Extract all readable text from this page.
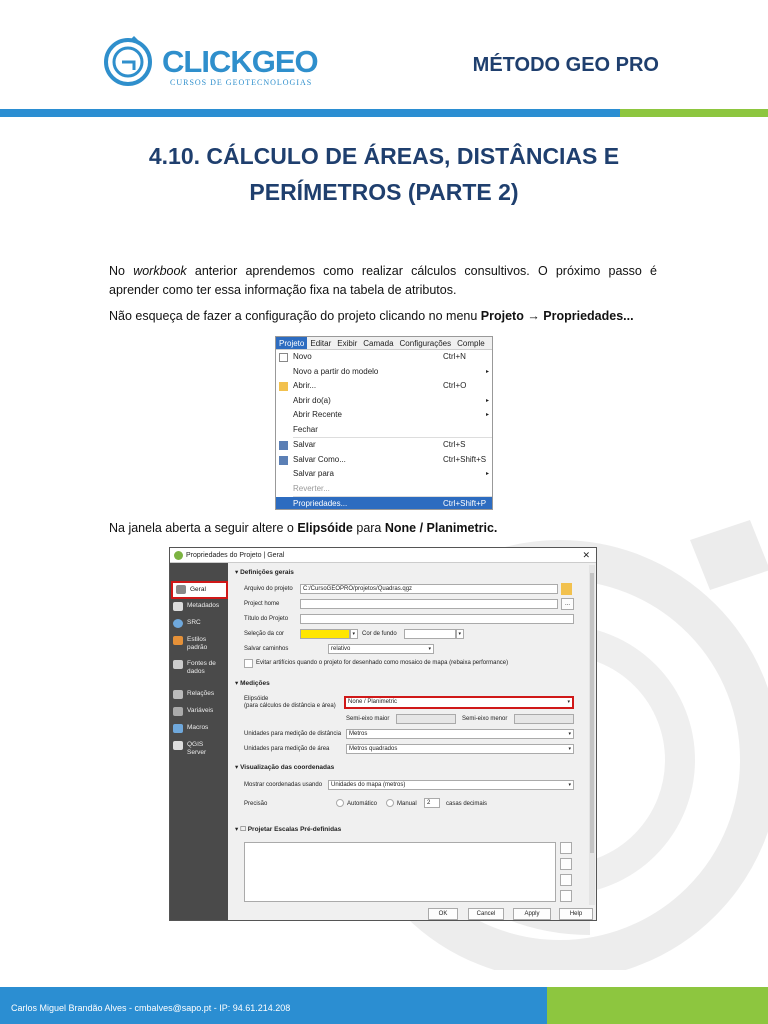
CLICKGEO
CURSOS DE GEOTECNOLOGIAS
MÉTODO GEO PRO
4.10. CÁLCULO DE ÁREAS, DISTÂNCIAS E
PERÍMETROS (PARTE 2)
No workbook anterior aprendemos como realizar cálculos consultivos. O próximo passo é aprender como ter essa informação fixa na tabela de atributos.
Não esqueça de fazer a configuração do projeto clicando no menu Projeto → Propriedades...
Projeto Editar Exibir Camada Configurações Comple
Novo	Ctrl+N
Novo a partir do modelo	▸
Abrir...	Ctrl+O
Abrir do(a)	▸
Abrir Recente	▸
Fechar
Salvar	Ctrl+S
Salvar Como...	Ctrl+Shift+S
Salvar para	▸
Reverter...
Propriedades...	Ctrl+Shift+P
Na janela aberta a seguir altere o Elipsóide para None / Planimetric.
Propriedades do Projeto | Geral	✕
Geral
Metadados
SRC
Estilos
padrão
Fontes de
dados
Relações
Variáveis
Macros
QGIS
Server
▾ Definições gerais
Arquivo do projeto	C:/CursoGEOPRO/projetos/Quadras.qgz
Project home	...
Título do Projeto
Seleção da cor	▾ Cor de fundo	▾
Salvar caminhos	relativo	▾
Evitar artifícios quando o projeto for desenhado como mosaico de mapa (rebaixa performance)
▾ Medições
Elipsóide
(para cálculos de distância e área)
None / Planimetric	▾
Semi-eixo maior	Semi-eixo menor
Unidades para medição de distância	Metros	▾
Unidades para medição de área	Metros quadrados	▾
▾ Visualização das coordenadas
Mostrar coordenadas usando	Unidades do mapa (metros)	▾
Precisão	Automático	Manual	2	casas decimais
▾ ☐ Projetar Escalas Pré-definidas
OK	Cancel	Apply	Help
Carlos Miguel Brandão Alves - cmbalves@sapo.pt - IP: 94.61.214.208
